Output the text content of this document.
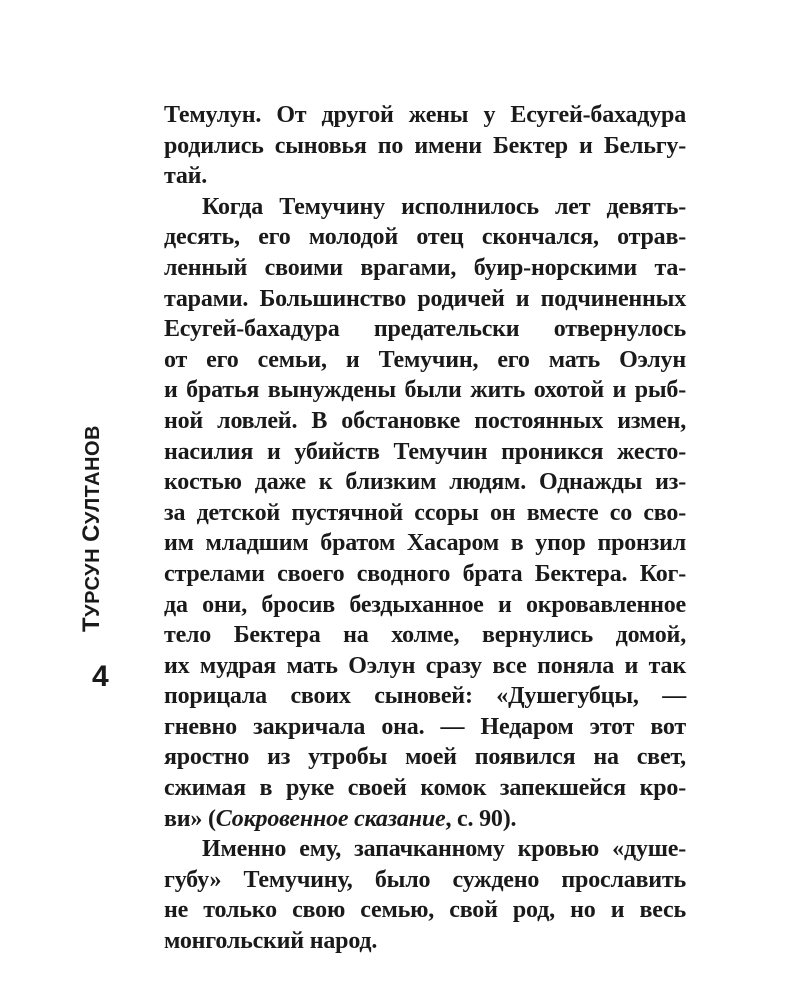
ТУРСУН СУЛТАНОВ
4
Темулун. От другой жены у Есугей-бахадура
родились сыновья по имени Бектер и Бельгу-
тай.
Когда Темучину исполнилось лет девять-
десять, его молодой отец скончался, отрав-
ленный своими врагами, буир-норскими та-
тарами. Большинство родичей и подчиненных
Есугей-бахадура предательски отвернулось
от его семьи, и Темучин, его мать Оэлун
и братья вынуждены были жить охотой и рыб-
ной ловлей. В обстановке постоянных измен,
насилия и убийств Темучин проникся жесто-
костью даже к близким людям. Однажды из-
за детской пустячной ссоры он вместе со сво-
им младшим братом Хасаром в упор пронзил
стрелами своего сводного брата Бектера. Ког-
да они, бросив бездыханное и окровавленное
тело Бектера на холме, вернулись домой,
их мудрая мать Оэлун сразу все поняла и так
порицала своих сыновей: «Душегубцы, —
гневно закричала она. — Недаром этот вот
яростно из утробы моей появился на свет,
сжимая в руке своей комок запекшейся кро-
ви» (Сокровенное сказание, с. 90).
Именно ему, запачканному кровью «душе-
губу» Темучину, было суждено прославить
не только свою семью, свой род, но и весь
монгольский народ.
